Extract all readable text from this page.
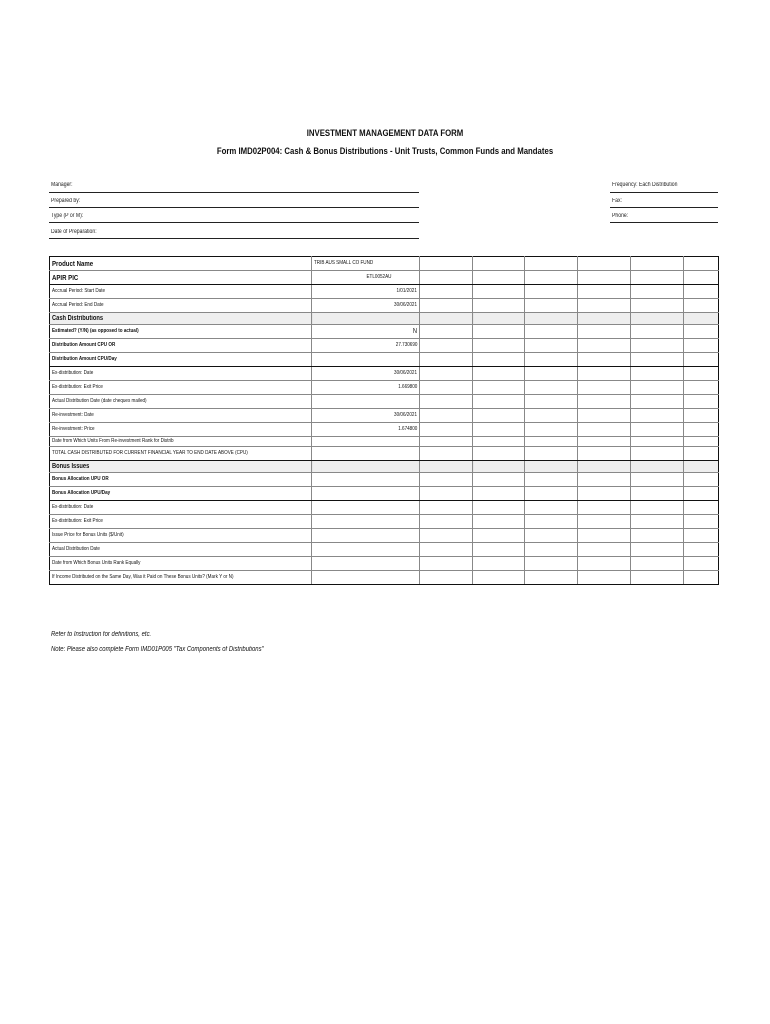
INVESTMENT MANAGEMENT DATA FORM
Form IMD02P004: Cash & Bonus Distributions - Unit Trusts, Common Funds and Mandates
Manager:
Prepared by:
Type (P or M):
Date of Preparation:
Frequency: Each Distribution
Fax:
Phone:
Product Name	TRIB AUS SMALL CO FUND						
APIR PIC	ETL0052AU						
Accrual Period: Start Date	1/01/2021						
Accrual Period: End Date	30/06/2021						
Cash Distributions							
Estimated? (Y/N) (as opposed to actual)	N						
Distribution Amount CPU OR	27.730690						
Distribution Amount CPU/Day							
Ex-distribution: Date	30/06/2021						
Ex-distribution: Exit Price	1.669800						
Actual Distribution Date (date cheques mailed)							
Re-investment: Date	30/06/2021						
Re-investment: Price	1.674800						
Date from Which Units From Re-investment Rank for Distrib							
TOTAL CASH DISTRIBUTED FOR CURRENT FINANCIAL YEAR TO END DATE ABOVE (CPU)							
Bonus Issues							
Bonus Allocation UPU OR							
Bonus Allocation UPU/Day							
Ex-distribution: Date							
Ex-distribution: Exit Price							
Issue Price for Bonus Units ($/Unit)							
Actual Distribution Date							
Date from Which Bonus Units Rank Equally							
If Income Distributed on the Same Day, Was it Paid on These Bonus Units? (Mark Y or N)							
Refer to Instruction for definitions, etc.
Note: Please also complete Form IMD01P005 "Tax Components of Distributions"
